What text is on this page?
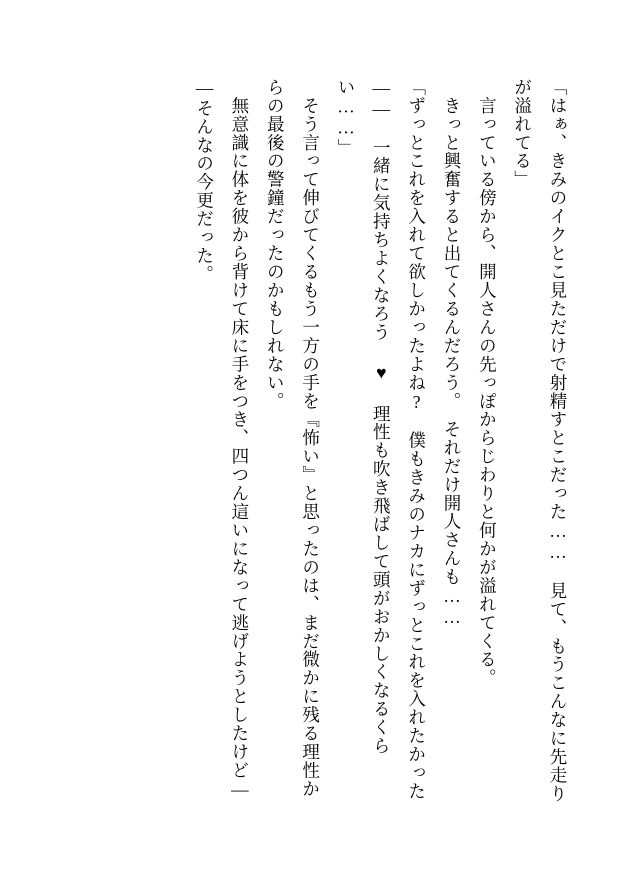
「はぁ、きみのイクとこ見ただけで射精すとこだった……　見て、もうこんなに先走りが溢れてる」

　言っている傍から、開人さんの先っぽからじわりと何かが溢れてくる。

　きっと興奮すると出てくるんだろう。　それだけ開人さんも……

「ずっとこれを入れて欲しかったよね?　僕もきみのナカにずっとこれを入れたかった――　一緒に気持ちよくなろう ♥ 理性も吹き飛ばして頭がおかしくなるくらい……」

　そう言って伸びてくるもう一方の手を『怖い』と思ったのは、まだ微かに残る理性からの最後の警鐘だったのかもしれない。

　無意識に体を彼から背けて床に手をつき、四つん這いになって逃げようとしたけど――そんなの今更だった。
